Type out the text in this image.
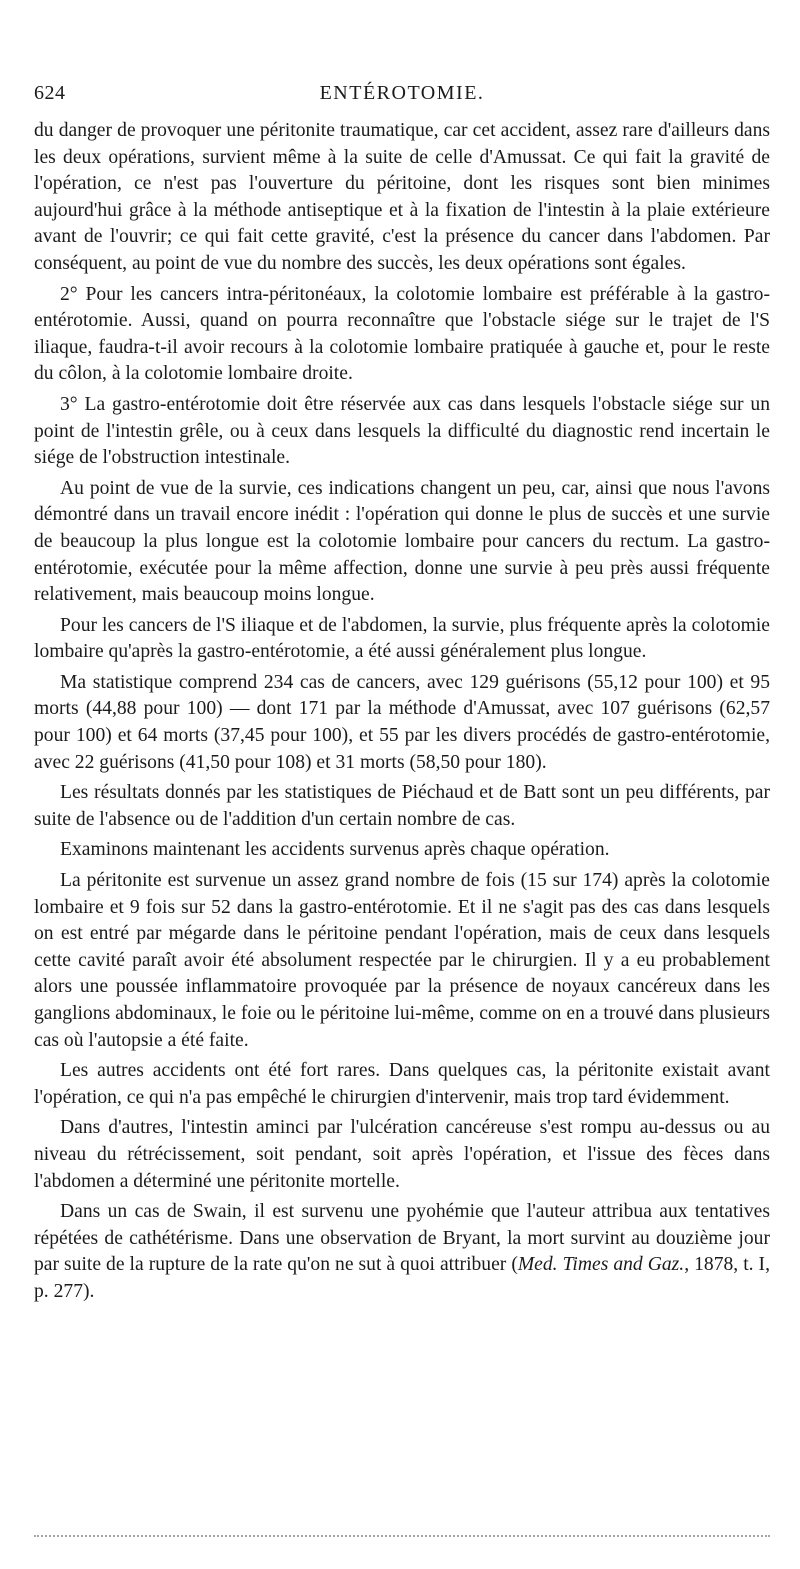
624	ENTÉROTOMIE.

du danger de provoquer une péritonite traumatique, car cet accident, assez rare d'ailleurs dans les deux opérations, survient même à la suite de celle d'Amussat. Ce qui fait la gravité de l'opération, ce n'est pas l'ouverture du péritoine, dont les risques sont bien minimes aujourd'hui grâce à la méthode antiseptique et à la fixation de l'intestin à la plaie extérieure avant de l'ouvrir; ce qui fait cette gravité, c'est la présence du cancer dans l'abdomen. Par conséquent, au point de vue du nombre des succès, les deux opérations sont égales.

2° Pour les cancers intra-péritonéaux, la colotomie lombaire est préférable à la gastro-entérotomie. Aussi, quand on pourra reconnaître que l'obstacle siége sur le trajet de l'S iliaque, faudra-t-il avoir recours à la colotomie lombaire pratiquée à gauche et, pour le reste du côlon, à la colotomie lombaire droite.

3° La gastro-entérotomie doit être réservée aux cas dans lesquels l'obstacle siége sur un point de l'intestin grêle, ou à ceux dans lesquels la difficulté du diagnostic rend incertain le siége de l'obstruction intestinale.

Au point de vue de la survie, ces indications changent un peu, car, ainsi que nous l'avons démontré dans un travail encore inédit : l'opération qui donne le plus de succès et une survie de beaucoup la plus longue est la colotomie lombaire pour cancers du rectum. La gastro-entérotomie, exécutée pour la même affection, donne une survie à peu près aussi fréquente relativement, mais beaucoup moins longue.

Pour les cancers de l'S iliaque et de l'abdomen, la survie, plus fréquente après la colotomie lombaire qu'après la gastro-entérotomie, a été aussi généralement plus longue.

Ma statistique comprend 234 cas de cancers, avec 129 guérisons (55,12 pour 100) et 95 morts (44,88 pour 100) — dont 171 par la méthode d'Amussat, avec 107 guérisons (62,57 pour 100) et 64 morts (37,45 pour 100), et 55 par les divers procédés de gastro-entérotomie, avec 22 guérisons (41,50 pour 108) et 31 morts (58,50 pour 180).

Les résultats donnés par les statistiques de Piéchaud et de Batt sont un peu différents, par suite de l'absence ou de l'addition d'un certain nombre de cas.

Examinons maintenant les accidents survenus après chaque opération.

La péritonite est survenue un assez grand nombre de fois (15 sur 174) après la colotomie lombaire et 9 fois sur 52 dans la gastro-entérotomie. Et il ne s'agit pas des cas dans lesquels on est entré par mégarde dans le péritoine pendant l'opération, mais de ceux dans lesquels cette cavité paraît avoir été absolument respectée par le chirurgien. Il y a eu probablement alors une poussée inflammatoire provoquée par la présence de noyaux cancéreux dans les ganglions abdominaux, le foie ou le péritoine lui-même, comme on en a trouvé dans plusieurs cas où l'autopsie a été faite.

Les autres accidents ont été fort rares. Dans quelques cas, la péritonite existait avant l'opération, ce qui n'a pas empêché le chirurgien d'intervenir, mais trop tard évidemment.

Dans d'autres, l'intestin aminci par l'ulcération cancéreuse s'est rompu au-dessus ou au niveau du rétrécissement, soit pendant, soit après l'opération, et l'issue des fèces dans l'abdomen a déterminé une péritonite mortelle.

Dans un cas de Swain, il est survenu une pyohémie que l'auteur attribua aux tentatives répétées de cathétérisme. Dans une observation de Bryant, la mort survint au douzième jour par suite de la rupture de la rate qu'on ne sut à quoi attribuer (Med. Times and Gaz., 1878, t. I, p. 277).
